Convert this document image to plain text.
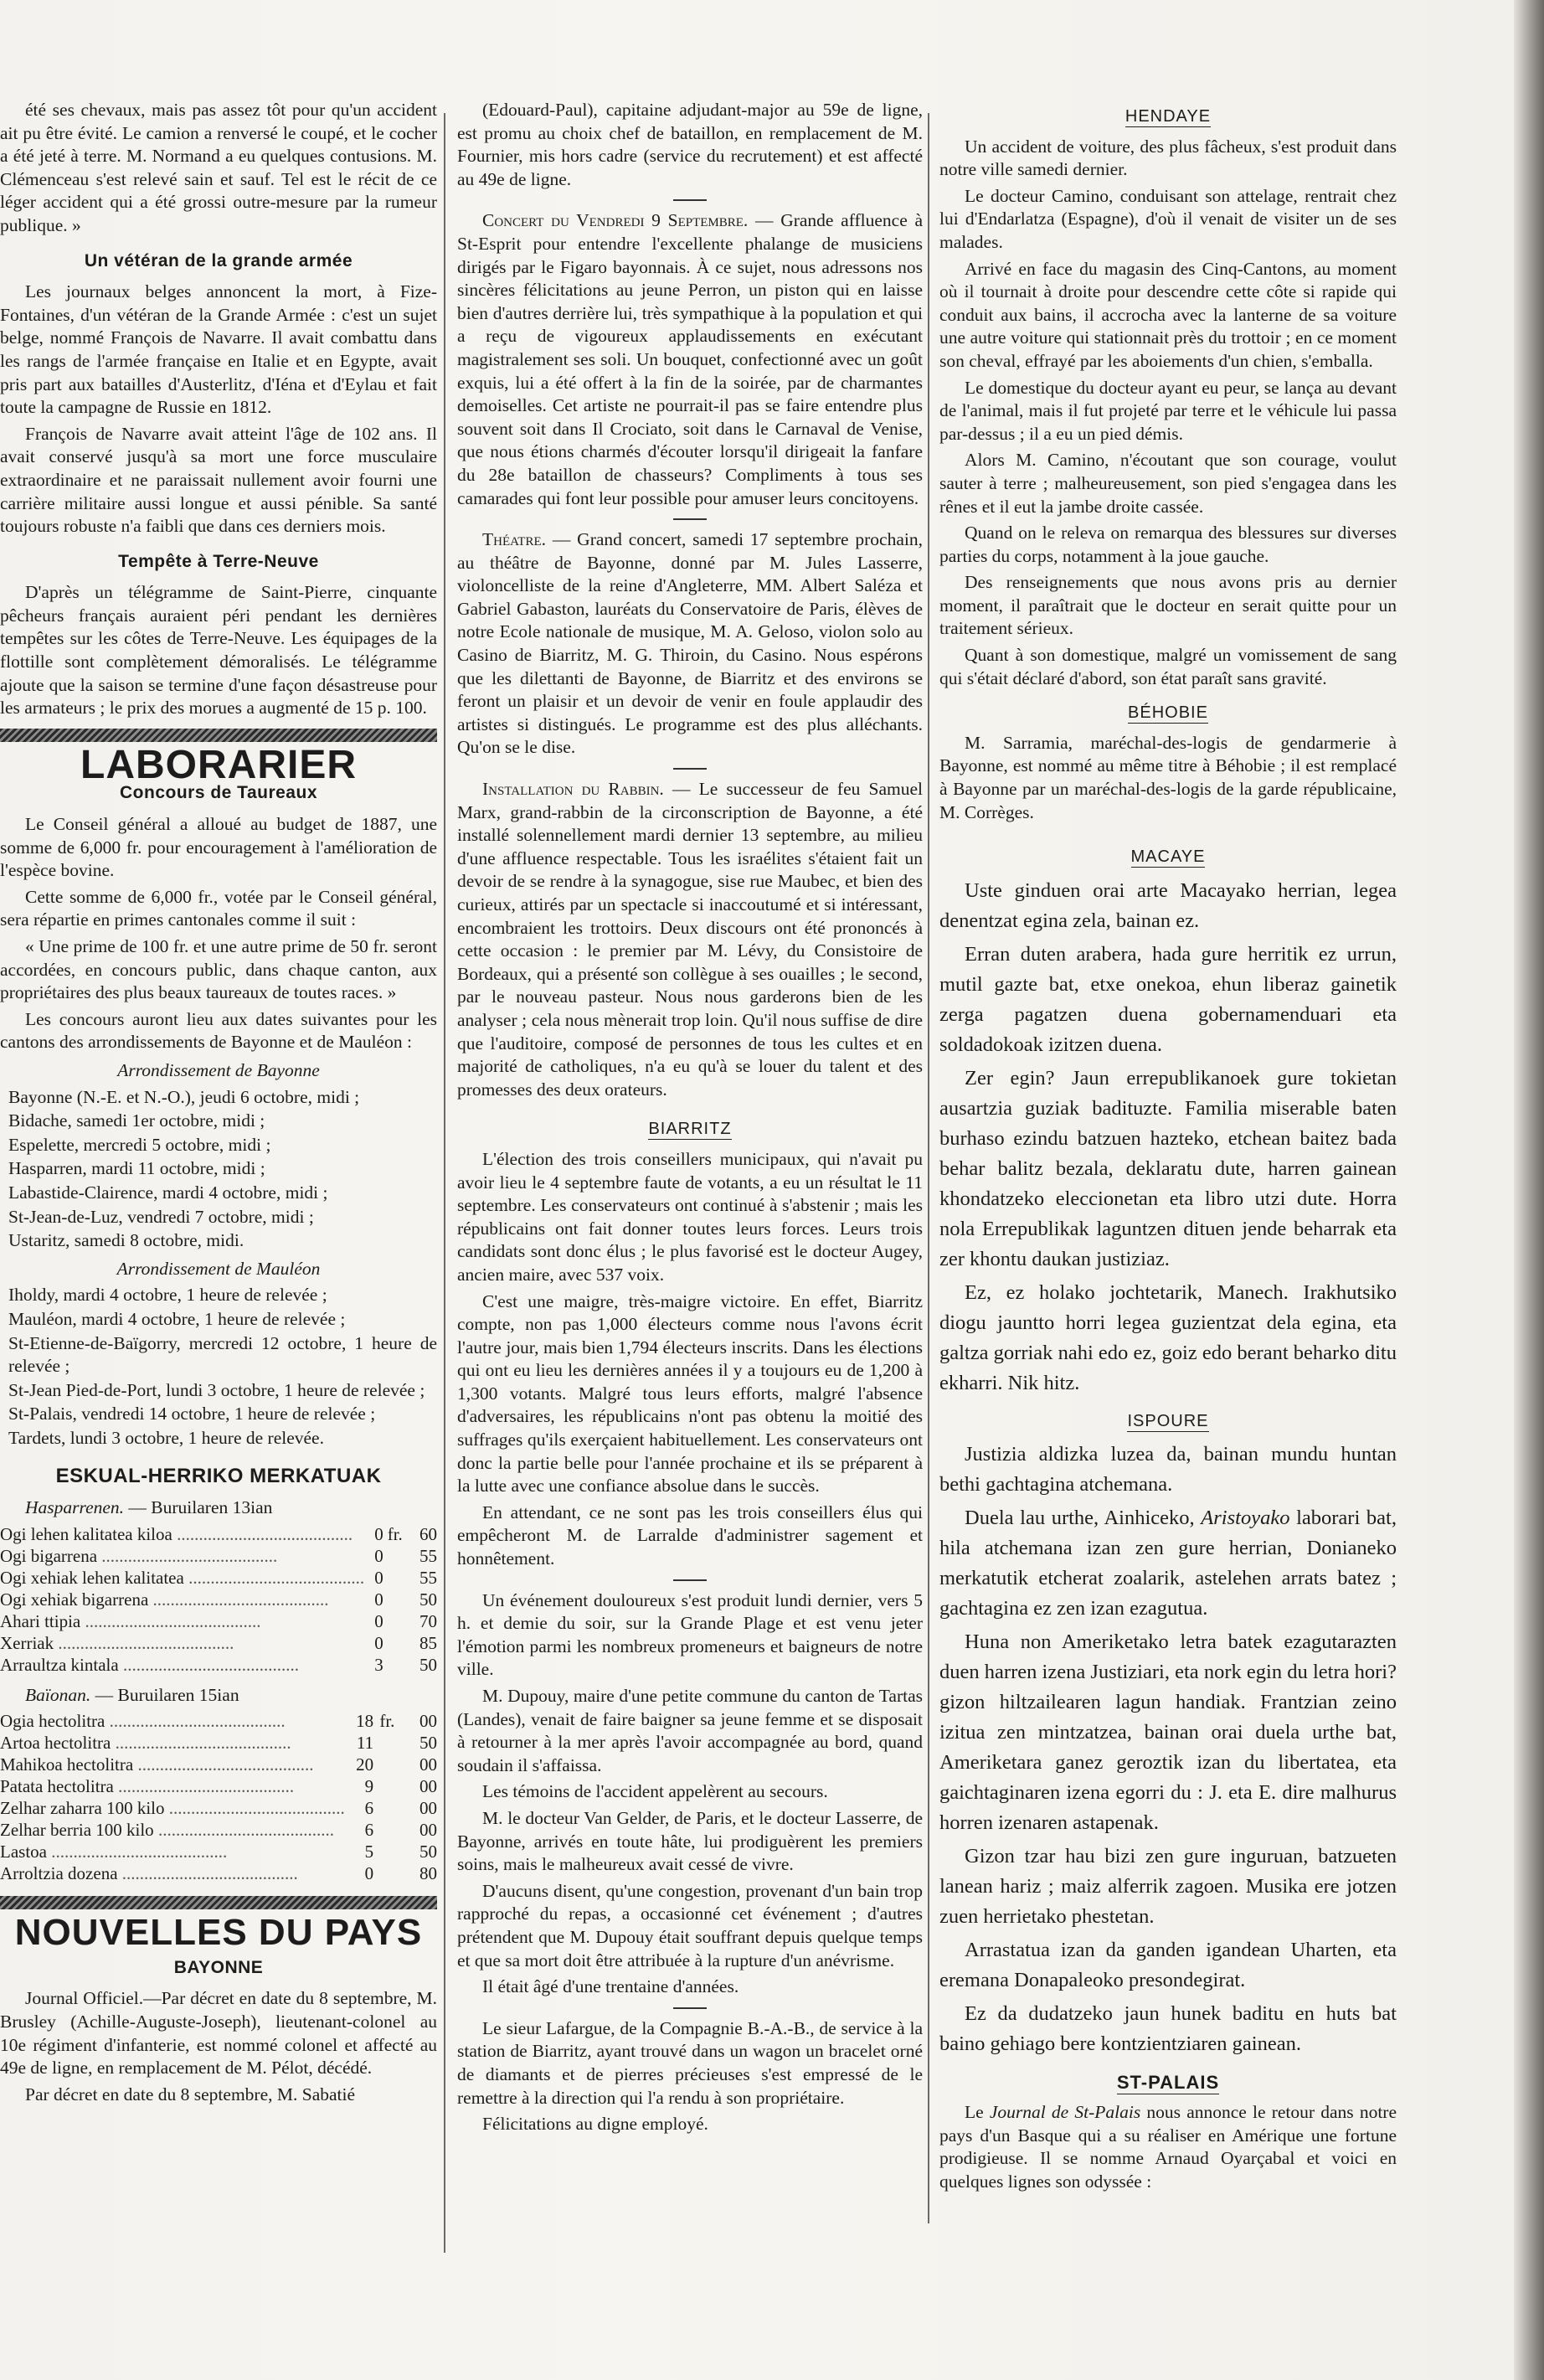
été ses chevaux, mais pas assez tôt pour qu'un accident ait pu être évité. Le camion a renversé le coupé, et le cocher a été jeté à terre. M. Normand a eu quelques contusions. M. Clémenceau s'est relevé sain et sauf. Tel est le récit de ce léger accident qui a été grossi outre-mesure par la rumeur publique. »

Un vétéran de la grande armée

Les journaux belges annoncent la mort, à Fize-Fontaines, d'un vétéran de la Grande Armée : c'est un sujet belge, nommé François de Navarre. Il avait combattu dans les rangs de l'armée française en Italie et en Egypte, avait pris part aux batailles d'Austerlitz, d'Iéna et d'Eylau et fait toute la campagne de Russie en 1812.

François de Navarre avait atteint l'âge de 102 ans. Il avait conservé jusqu'à sa mort une force musculaire extraordinaire et ne paraissait nullement avoir fourni une carrière militaire aussi longue et aussi pénible. Sa santé toujours robuste n'a faibli que dans ces derniers mois.

Tempête à Terre-Neuve

D'après un télégramme de Saint-Pierre, cinquante pêcheurs français auraient péri pendant les dernières tempêtes sur les côtes de Terre-Neuve. Les équipages de la flottille sont complètement démoralisés. Le télégramme ajoute que la saison se termine d'une façon désastreuse pour les armateurs ; le prix des morues a augmenté de 15 p. 100.

LABORARIER
Concours de Taureaux

Le Conseil général a alloué au budget de 1887, une somme de 6,000 fr. pour encouragement à l'amélioration de l'espèce bovine.

Cette somme de 6,000 fr., votée par le Conseil général, sera répartie en primes cantonales comme il suit :

« Une prime de 100 fr. et une autre prime de 50 fr. seront accordées, en concours public, dans chaque canton, aux propriétaires des plus beaux taureaux de toutes races. »

Les concours auront lieu aux dates suivantes pour les cantons des arrondissements de Bayonne et de Mauléon :

Arrondissement de Bayonne

Bayonne (N.-E. et N.-O.), jeudi 6 octobre, midi ;

Bidache, samedi 1er octobre, midi ;

Espelette, mercredi 5 octobre, midi ;

Hasparren, mardi 11 octobre, midi ;

Labastide-Clairence, mardi 4 octobre, midi ;

St-Jean-de-Luz, vendredi 7 octobre, midi ;

Ustaritz, samedi 8 octobre, midi.

Arrondissement de Mauléon

Iholdy, mardi 4 octobre, 1 heure de relevée ;

Mauléon, mardi 4 octobre, 1 heure de relevée ;

St-Etienne-de-Baïgorry, mercredi 12 octobre, 1 heure de relevée ;

St-Jean Pied-de-Port, lundi 3 octobre, 1 heure de relevée ;

St-Palais, vendredi 14 octobre, 1 heure de relevée ;

Tardets, lundi 3 octobre, 1 heure de relevée.

ESKUAL-HERRIKO MERKATUAK
Hasparrenen. — Buruilaren 13ian
Ogi lehen kalitatea kiloa ........................................	0	fr.	60
Ogi bigarrena ........................................	0		55
Ogi xehiak lehen kalitatea ........................................	0		55
Ogi xehiak bigarrena ........................................	0		50
Ahari ttipia ........................................	0		70
Xerriak ........................................	0		85
Arraultza kintala ........................................	3		50
Baïonan. — Buruilaren 15ian
Ogia hectolitra ........................................	18	fr.	00
Artoa hectolitra ........................................	11		50
Mahikoa hectolitra ........................................	20		00
Patata hectolitra ........................................	9		00
Zelhar zaharra 100 kilo ........................................	6		00
Zelhar berria 100 kilo ........................................	6		00
Lastoa ........................................	5		50
Arroltzia dozena ........................................	0		80
NOUVELLES DU PAYS
BAYONNE

Journal Officiel.—Par décret en date du 8 septembre, M. Brusley (Achille-Auguste-Joseph), lieutenant-colonel au 10e régiment d'infanterie, est nommé colonel et affecté au 49e de ligne, en remplacement de M. Pélot, décédé.

Par décret en date du 8 septembre, M. Sabatié

(Edouard-Paul), capitaine adjudant-major au 59e de ligne, est promu au choix chef de bataillon, en remplacement de M. Fournier, mis hors cadre (service du recrutement) et est affecté au 49e de ligne.

Concert du Vendredi 9 Septembre. — Grande affluence à St-Esprit pour entendre l'excellente phalange de musiciens dirigés par le Figaro bayonnais. À ce sujet, nous adressons nos sincères félicitations au jeune Perron, un piston qui en laisse bien d'autres derrière lui, très sympathique à la population et qui a reçu de vigoureux applaudissements en exécutant magistralement ses soli. Un bouquet, confectionné avec un goût exquis, lui a été offert à la fin de la soirée, par de charmantes demoiselles. Cet artiste ne pourrait-il pas se faire entendre plus souvent soit dans Il Crociato, soit dans le Carnaval de Venise, que nous étions charmés d'écouter lorsqu'il dirigeait la fanfare du 28e bataillon de chasseurs? Compliments à tous ses camarades qui font leur possible pour amuser leurs concitoyens.

Théatre. — Grand concert, samedi 17 septembre prochain, au théâtre de Bayonne, donné par M. Jules Lasserre, violoncelliste de la reine d'Angleterre, MM. Albert Saléza et Gabriel Gabaston, lauréats du Conservatoire de Paris, élèves de notre Ecole nationale de musique, M. A. Geloso, violon solo au Casino de Biarritz, M. G. Thiroin, du Casino. Nous espérons que les dilettanti de Bayonne, de Biarritz et des environs se feront un plaisir et un devoir de venir en foule applaudir des artistes si distingués. Le programme est des plus alléchants. Qu'on se le dise.

Installation du Rabbin. — Le successeur de feu Samuel Marx, grand-rabbin de la circonscription de Bayonne, a été installé solennellement mardi dernier 13 septembre, au milieu d'une affluence respectable. Tous les israélites s'étaient fait un devoir de se rendre à la synagogue, sise rue Maubec, et bien des curieux, attirés par un spectacle si inaccoutumé et si intéressant, encombraient les trottoirs. Deux discours ont été prononcés à cette occasion : le premier par M. Lévy, du Consistoire de Bordeaux, qui a présenté son collègue à ses ouailles ; le second, par le nouveau pasteur. Nous nous garderons bien de les analyser ; cela nous mènerait trop loin. Qu'il nous suffise de dire que l'auditoire, composé de personnes de tous les cultes et en majorité de catholiques, n'a eu qu'à se louer du talent et des promesses des deux orateurs.

BIARRITZ

L'élection des trois conseillers municipaux, qui n'avait pu avoir lieu le 4 septembre faute de votants, a eu un résultat le 11 septembre. Les conservateurs ont continué à s'abstenir ; mais les républicains ont fait donner toutes leurs forces. Leurs trois candidats sont donc élus ; le plus favorisé est le docteur Augey, ancien maire, avec 537 voix.

C'est une maigre, très-maigre victoire. En effet, Biarritz compte, non pas 1,000 électeurs comme nous l'avons écrit l'autre jour, mais bien 1,794 électeurs inscrits. Dans les élections qui ont eu lieu les dernières années il y a toujours eu de 1,200 à 1,300 votants. Malgré tous leurs efforts, malgré l'absence d'adversaires, les républicains n'ont pas obtenu la moitié des suffrages qu'ils exerçaient habituellement. Les conservateurs ont donc la partie belle pour l'année prochaine et ils se préparent à la lutte avec une confiance absolue dans le succès.

En attendant, ce ne sont pas les trois conseillers élus qui empêcheront M. de Larralde d'administrer sagement et honnêtement.

Un événement douloureux s'est produit lundi dernier, vers 5 h. et demie du soir, sur la Grande Plage et est venu jeter l'émotion parmi les nombreux promeneurs et baigneurs de notre ville.

M. Dupouy, maire d'une petite commune du canton de Tartas (Landes), venait de faire baigner sa jeune femme et se disposait à retourner à la mer après l'avoir accompagnée au bord, quand soudain il s'affaissa.

Les témoins de l'accident appelèrent au secours.

M. le docteur Van Gelder, de Paris, et le docteur Lasserre, de Bayonne, arrivés en toute hâte, lui prodiguèrent les premiers soins, mais le malheureux avait cessé de vivre.

D'aucuns disent, qu'une congestion, provenant d'un bain trop rapproché du repas, a occasionné cet événement ; d'autres prétendent que M. Dupouy était souffrant depuis quelque temps et que sa mort doit être attribuée à la rupture d'un anévrisme.

Il était âgé d'une trentaine d'années.

Le sieur Lafargue, de la Compagnie B.-A.-B., de service à la station de Biarritz, ayant trouvé dans un wagon un bracelet orné de diamants et de pierres précieuses s'est empressé de le remettre à la direction qui l'a rendu à son propriétaire.

Félicitations au digne employé.

HENDAYE

Un accident de voiture, des plus fâcheux, s'est produit dans notre ville samedi dernier.

Le docteur Camino, conduisant son attelage, rentrait chez lui d'Endarlatza (Espagne), d'où il venait de visiter un de ses malades.

Arrivé en face du magasin des Cinq-Cantons, au moment où il tournait à droite pour descendre cette côte si rapide qui conduit aux bains, il accrocha avec la lanterne de sa voiture une autre voiture qui stationnait près du trottoir ; en ce moment son cheval, effrayé par les aboiements d'un chien, s'emballa.

Le domestique du docteur ayant eu peur, se lança au devant de l'animal, mais il fut projeté par terre et le véhicule lui passa par-dessus ; il a eu un pied démis.

Alors M. Camino, n'écoutant que son courage, voulut sauter à terre ; malheureusement, son pied s'engagea dans les rênes et il eut la jambe droite cassée.

Quand on le releva on remarqua des blessures sur diverses parties du corps, notamment à la joue gauche.

Des renseignements que nous avons pris au dernier moment, il paraîtrait que le docteur en serait quitte pour un traitement sérieux.

Quant à son domestique, malgré un vomissement de sang qui s'était déclaré d'abord, son état paraît sans gravité.

BÉHOBIE

M. Sarramia, maréchal-des-logis de gendarmerie à Bayonne, est nommé au même titre à Béhobie ; il est remplacé à Bayonne par un maréchal-des-logis de la garde républicaine, M. Corrèges.

MACAYE

Uste ginduen orai arte Macayako herrian, legea denentzat egina zela, bainan ez.

Erran duten arabera, hada gure herritik ez urrun, mutil gazte bat, etxe onekoa, ehun liberaz gainetik zerga pagatzen duena gobernamenduari eta soldadokoak izitzen duena.

Zer egin? Jaun errepublikanoek gure tokietan ausartzia guziak badituzte. Familia miserable baten burhaso ezindu batzuen hazteko, etchean baitez bada behar balitz bezala, deklaratu dute, harren gainean khondatzeko eleccionetan eta libro utzi dute. Horra nola Errepublikak laguntzen dituen jende beharrak eta zer khontu daukan justiziaz.

Ez, ez holako jochtetarik, Manech. Irakhutsiko diogu jauntto horri legea guzientzat dela egina, eta galtza gorriak nahi edo ez, goiz edo berant beharko ditu ekharri. Nik hitz.

ISPOURE

Justizia aldizka luzea da, bainan mundu huntan bethi gachtagina atchemana.

Duela lau urthe, Ainhiceko, Aristoyako laborari bat, hila atchemana izan zen gure herrian, Donianeko merkatutik etcherat zoalarik, astelehen arrats batez ; gachtagina ez zen izan ezagutua.

Huna non Ameriketako letra batek ezagutarazten duen harren izena Justiziari, eta nork egin du letra hori? gizon hiltzailearen lagun handiak. Frantzian zeino izitua zen mintzatzea, bainan orai duela urthe bat, Ameriketara ganez geroztik izan du libertatea, eta gaichtaginaren izena egorri du : J. eta E. dire malhurus horren izenaren astapenak.

Gizon tzar hau bizi zen gure inguruan, batzueten lanean hariz ; maiz alferrik zagoen. Musika ere jotzen zuen herrietako phestetan.

Arrastatua izan da ganden igandean Uharten, eta eremana Donapaleoko presondegirat.

Ez da dudatzeko jaun hunek baditu en huts bat baino gehiago bere kontzientziaren gainean.

ST-PALAIS

Le Journal de St-Palais nous annonce le retour dans notre pays d'un Basque qui a su réaliser en Amérique une fortune prodigieuse. Il se nomme Arnaud Oyarçabal et voici en quelques lignes son odyssée :
